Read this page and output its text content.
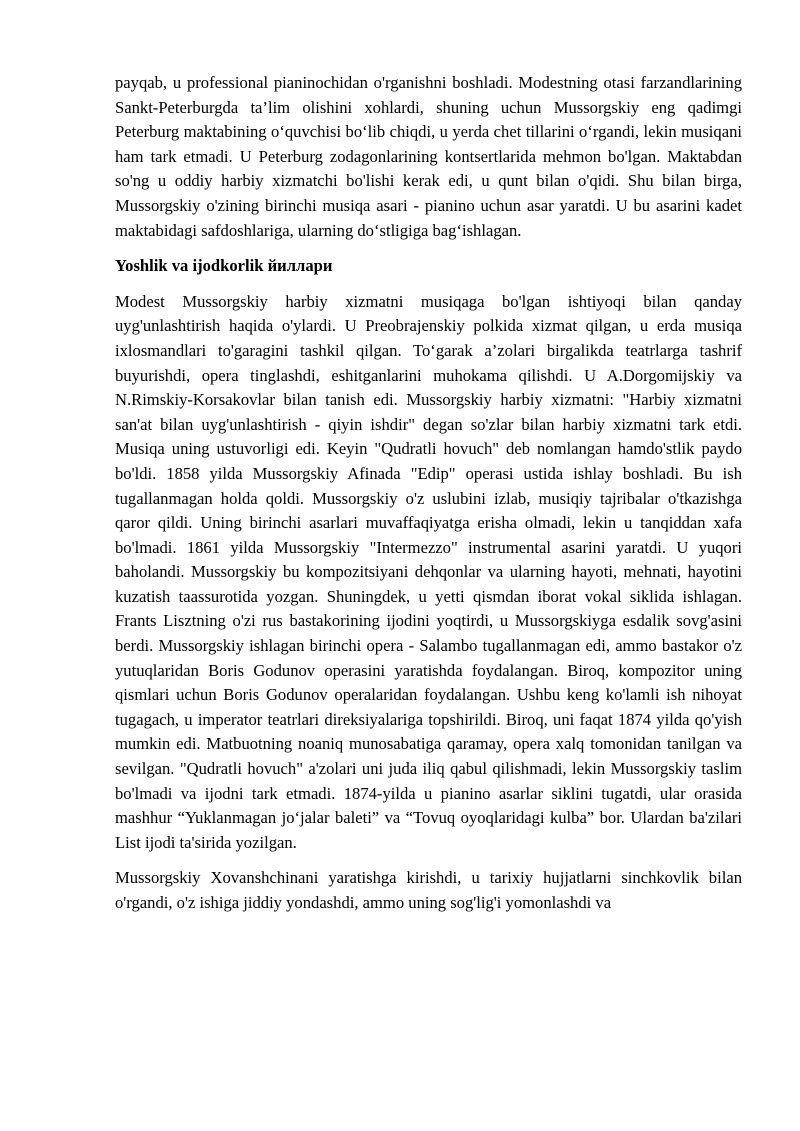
payqab, u professional pianinochidan o'rganishni boshladi. Modestning otasi farzandlarining Sankt-Peterburgda ta’lim olishini xohlardi, shuning uchun Mussorgskiy eng qadimgi Peterburg maktabining oʻquvchisi boʻlib chiqdi, u yerda chet tillarini oʻrgandi, lekin musiqani ham tark etmadi. U Peterburg zodagonlarining kontsertlarida mehmon bo'lgan. Maktabdan so'ng u oddiy harbiy xizmatchi bo'lishi kerak edi, u qunt bilan o'qidi. Shu bilan birga, Mussorgskiy o'zining birinchi musiqa asari - pianino uchun asar yaratdi. U bu asarini kadet maktabidagi safdoshlariga, ularning doʻstligiga bagʻishlagan.

Yoshlik va ijodkorlik йиллари

Modest Mussorgskiy harbiy xizmatni musiqaga bo'lgan ishtiyoqi bilan qanday uyg'unlashtirish haqida o'ylardi. U Preobrajenskiy polkida xizmat qilgan, u erda musiqa ixlosmandlari to'garagini tashkil qilgan. Toʻgarak a’zolari birgalikda teatrlarga tashrif buyurishdi, opera tinglashdi, eshitganlarini muhokama qilishdi. U A.Dorgomijskiy va N.Rimskiy-Korsakovlar bilan tanish edi. Mussorgskiy harbiy xizmatni: "Harbiy xizmatni san'at bilan uyg'unlashtirish - qiyin ishdir" degan so'zlar bilan harbiy xizmatni tark etdi. Musiqa uning ustuvorligi edi. Keyin "Qudratli hovuch" deb nomlangan hamdo'stlik paydo bo'ldi. 1858 yilda Mussorgskiy Afinada "Edip" operasi ustida ishlay boshladi. Bu ish tugallanmagan holda qoldi. Mussorgskiy o'z uslubini izlab, musiqiy tajribalar o'tkazishga qaror qildi. Uning birinchi asarlari muvaffaqiyatga erisha olmadi, lekin u tanqiddan xafa bo'lmadi. 1861 yilda Mussorgskiy "Intermezzo" instrumental asarini yaratdi. U yuqori baholandi. Mussorgskiy bu kompozitsiyani dehqonlar va ularning hayoti, mehnati, hayotini kuzatish taassurotida yozgan. Shuningdek, u yetti qismdan iborat vokal siklida ishlagan. Frants Lisztning o'zi rus bastakorining ijodini yoqtirdi, u Mussorgskiyga esdalik sovg'asini berdi. Mussorgskiy ishlagan birinchi opera - Salambo tugallanmagan edi, ammo bastakor o'z yutuqlaridan Boris Godunov operasini yaratishda foydalangan. Biroq, kompozitor uning qismlari uchun Boris Godunov operalaridan foydalangan. Ushbu keng ko'lamli ish nihoyat tugagach, u imperator teatrlari direksiyalariga topshirildi. Biroq, uni faqat 1874 yilda qo'yish mumkin edi. Matbuotning noaniq munosabatiga qaramay, opera xalq tomonidan tanilgan va sevilgan. "Qudratli hovuch" a'zolari uni juda iliq qabul qilishmadi, lekin Mussorgskiy taslim bo'lmadi va ijodni tark etmadi. 1874-yilda u pianino asarlar siklini tugatdi, ular orasida mashhur “Yuklanmagan joʻjalar baleti” va “Tovuq oyoqlaridagi kulba” bor. Ulardan ba'zilari List ijodi ta'sirida yozilgan.

Mussorgskiy Xovanshchinani yaratishga kirishdi, u tarixiy hujjatlarni sinchkovlik bilan o'rgandi, o'z ishiga jiddiy yondashdi, ammo uning sog'lig'i yomonlashdi va
